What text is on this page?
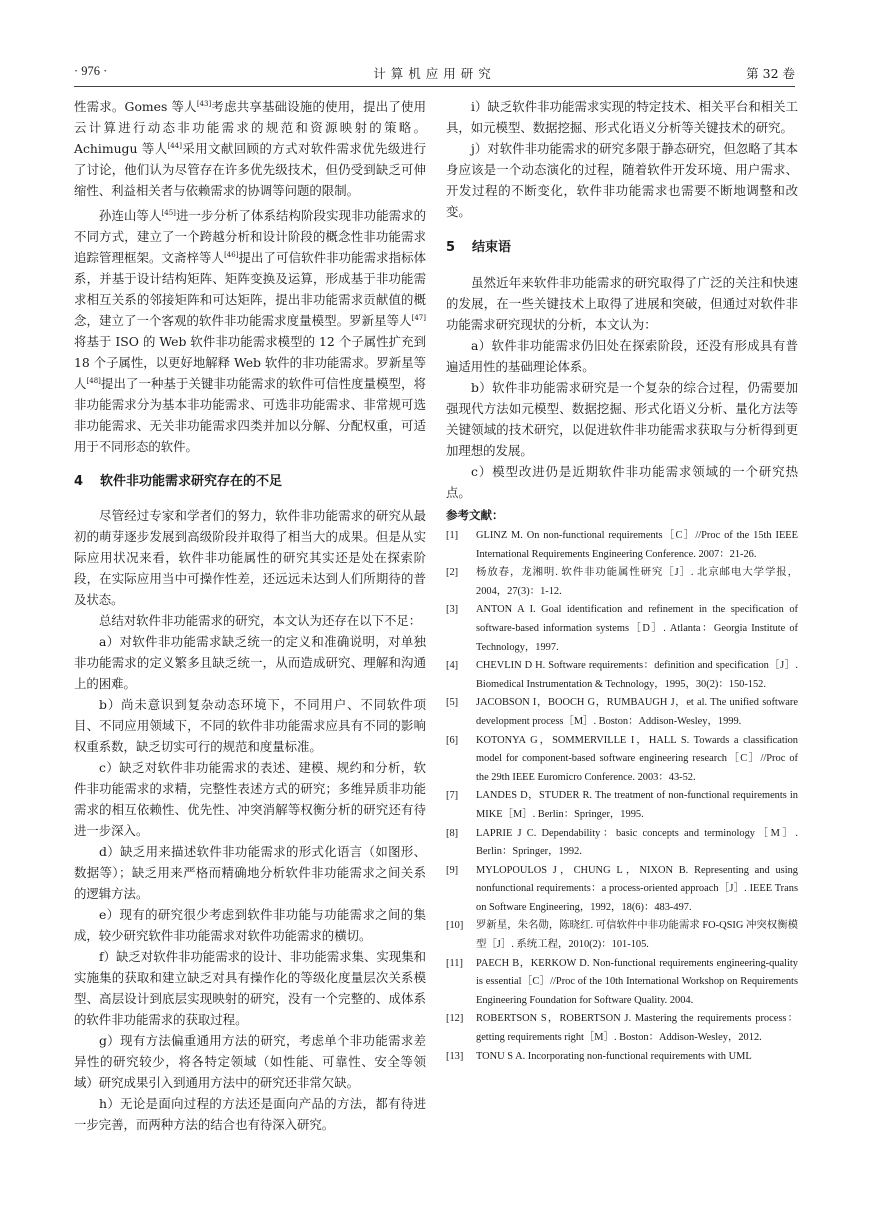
· 976 ·	计算机应用研究	第 32 卷

性需求。Gomes 等人[43]考虑共享基础设施的使用，提出了使用云计算进行动态非功能需求的规范和资源映射的策略。Achimugu 等人[44]采用文献回顾的方式对软件需求优先级进行了讨论，他们认为尽管存在许多优先级技术，但仍受到缺乏可伸缩性、利益相关者与依赖需求的协调等问题的限制。

孙连山等人[45]进一步分析了体系结构阶段实现非功能需求的不同方式，建立了一个跨越分析和设计阶段的概念性非功能需求追踪管理框架。文斋梓等人[46]提出了可信软件非功能需求指标体系，并基于设计结构矩阵、矩阵变换及运算，形成基于非功能需求相互关系的邻接矩阵和可达矩阵，提出非功能需求贡献值的概念，建立了一个客观的软件非功能需求度量模型。罗新星等人[47]将基于 ISO 的 Web 软件非功能需求模型的 12 个子属性扩充到 18 个子属性，以更好地解释 Web 软件的非功能需求。罗新星等人[48]提出了一种基于关键非功能需求的软件可信性度量模型，将非功能需求分为基本非功能需求、可选非功能需求、非常规可选非功能需求、无关非功能需求四类并加以分解、分配权重，可适用于不同形态的软件。

4 软件非功能需求研究存在的不足

尽管经过专家和学者们的努力，软件非功能需求的研究从最初的萌芽逐步发展到高级阶段并取得了相当大的成果。但是从实际应用状况来看，软件非功能属性的研究其实还是处在探索阶段，在实际应用当中可操作性差，还远远未达到人们所期待的普及状态。

总结对软件非功能需求的研究，本文认为还存在以下不足：

a）对软件非功能需求缺乏统一的定义和准确说明，对单独非功能需求的定义繁多且缺乏统一，从而造成研究、理解和沟通上的困难。

b）尚未意识到复杂动态环境下，不同用户、不同软件项目、不同应用领域下，不同的软件非功能需求应具有不同的影响权重系数，缺乏切实可行的规范和度量标准。

c）缺乏对软件非功能需求的表述、建模、规约和分析，软件非功能需求的求精，完整性表述方式的研究；多维异质非功能需求的相互依赖性、优先性、冲突消解等权衡分析的研究还有待进一步深入。

d）缺乏用来描述软件非功能需求的形式化语言（如图形、数据等）；缺乏用来严格而精确地分析软件非功能需求之间关系的逻辑方法。

e）现有的研究很少考虑到软件非功能与功能需求之间的集成，较少研究软件非功能需求对软件功能需求的横切。

f）缺乏对软件非功能需求的设计、非功能需求集、实现集和实施集的获取和建立缺乏对具有操作化的等级化度量层次关系模型、高层设计到底层实现映射的研究，没有一个完整的、成体系的软件非功能需求的获取过程。

g）现有方法偏重通用方法的研究，考虑单个非功能需求差异性的研究较少，将各特定领域（如性能、可靠性、安全等领域）研究成果引入到通用方法中的研究还非常欠缺。

h）无论是面向过程的方法还是面向产品的方法，都有待进一步完善，而两种方法的结合也有待深入研究。

i）缺乏软件非功能需求实现的特定技术、相关平台和相关工具，如元模型、数据挖掘、形式化语义分析等关键技术的研究。

j）对软件非功能需求的研究多限于静态研究，但忽略了其本身应该是一个动态演化的过程，随着软件开发环境、用户需求、开发过程的不断变化，软件非功能需求也需要不断地调整和改变。

5 结束语

虽然近年来软件非功能需求的研究取得了广泛的关注和快速的发展，在一些关键技术上取得了进展和突破，但通过对软件非功能需求研究现状的分析，本文认为：

a）软件非功能需求仍旧处在探索阶段，还没有形成具有普遍适用性的基础理论体系。

b）软件非功能需求研究是一个复杂的综合过程，仍需要加强现代方法如元模型、数据挖掘、形式化语义分析、量化方法等关键领域的技术研究，以促进软件非功能需求获取与分析得到更加理想的发展。

c）模型改进仍是近期软件非功能需求领域的一个研究热点。

参考文献：
[1]	GLINZ M. On non-functional requirements［C］//Proc of the 15th IEEE International Requirements Engineering Conference. 2007：21-26.
[2]	杨放春，龙湘明. 软件非功能属性研究［J］. 北京邮电大学学报，2004，27(3)：1-12.
[3]	ANTON A I. Goal identification and refinement in the specification of software-based information systems［D］. Atlanta：Georgia Institute of Technology，1997.
[4]	CHEVLIN D H. Software requirements：definition and specification［J］. Biomedical Instrumentation & Technology，1995，30(2)：150-152.
[5]	JACOBSON I，BOOCH G，RUMBAUGH J，et al. The unified software development process［M］. Boston：Addison-Wesley，1999.
[6]	KOTONYA G，SOMMERVILLE I，HALL S. Towards a classification model for component-based software engineering research［C］//Proc of the 29th IEEE Euromicro Conference. 2003：43-52.
[7]	LANDES D，STUDER R. The treatment of non-functional requirements in MIKE［M］. Berlin：Springer，1995.
[8]	LAPRIE J C. Dependability：basic concepts and terminology［M］. Berlin：Springer，1992.
[9]	MYLOPOULOS J，CHUNG L，NIXON B. Representing and using nonfunctional requirements：a process-oriented approach［J］. IEEE Trans on Software Engineering，1992，18(6)：483-497.
[10]	罗新星，朱名勋，陈晓红. 可信软件中非功能需求 FO-QSIG 冲突权衡模型［J］. 系统工程，2010(2)：101-105.
[11]	PAECH B，KERKOW D. Non-functional requirements engineering-quality is essential［C］//Proc of the 10th International Workshop on Requirements Engineering Foundation for Software Quality. 2004.
[12]	ROBERTSON S，ROBERTSON J. Mastering the requirements process：getting requirements right［M］. Boston：Addison-Wesley，2012.
[13]	TONU S A. Incorporating non-functional requirements with UML
